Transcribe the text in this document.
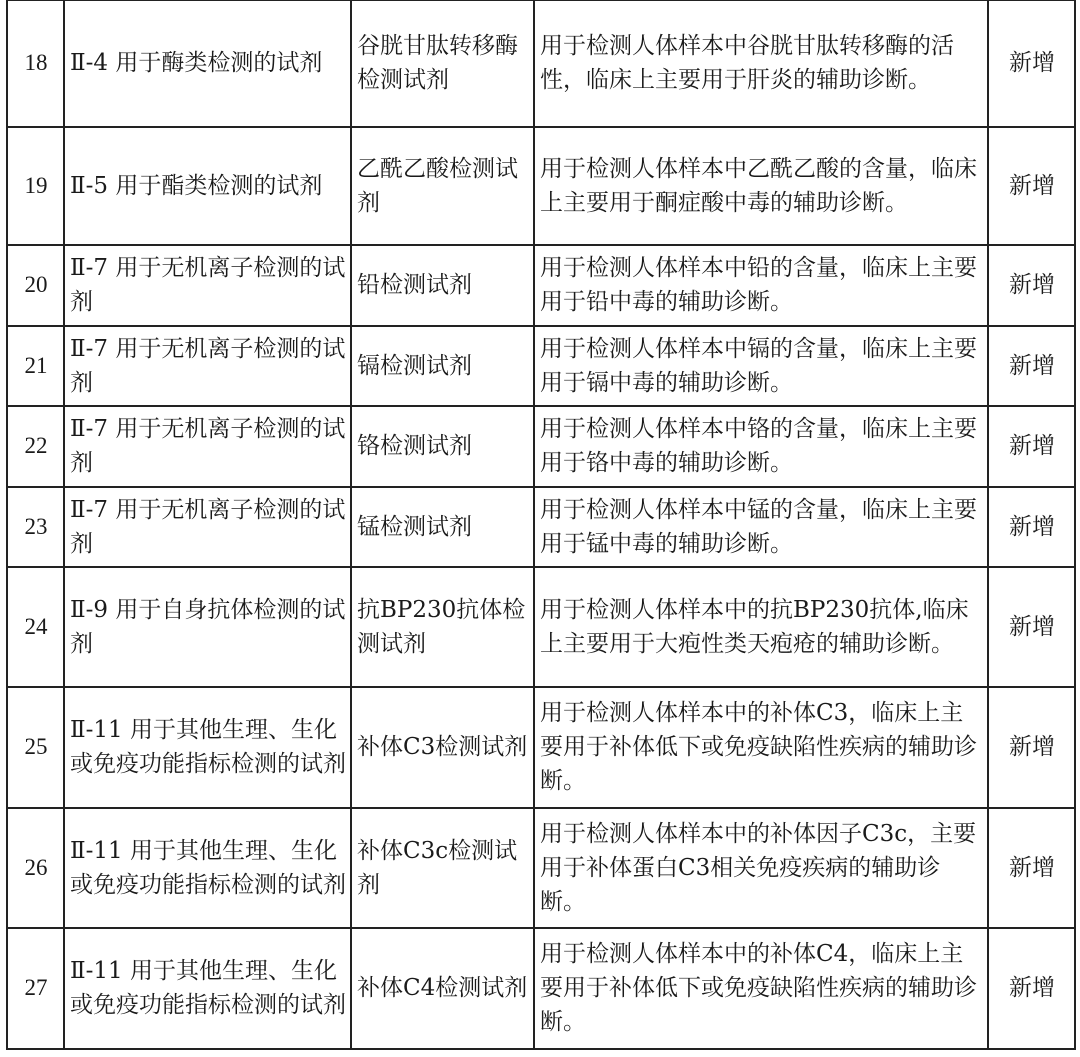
18	Ⅱ-4 用于酶类检测的试剂	谷胱甘肽转移酶检测试剂	用于检测人体样本中谷胱甘肽转移酶的活性，临床上主要用于肝炎的辅助诊断。	新增
19	Ⅱ-5 用于酯类检测的试剂	乙酰乙酸检测试剂	用于检测人体样本中乙酰乙酸的含量，临床上主要用于酮症酸中毒的辅助诊断。	新增
20	Ⅱ-7 用于无机离子检测的试剂	铅检测试剂	用于检测人体样本中铅的含量，临床上主要用于铅中毒的辅助诊断。	新增
21	Ⅱ-7 用于无机离子检测的试剂	镉检测试剂	用于检测人体样本中镉的含量，临床上主要用于镉中毒的辅助诊断。	新增
22	Ⅱ-7 用于无机离子检测的试剂	铬检测试剂	用于检测人体样本中铬的含量，临床上主要用于铬中毒的辅助诊断。	新增
23	Ⅱ-7 用于无机离子检测的试剂	锰检测试剂	用于检测人体样本中锰的含量，临床上主要用于锰中毒的辅助诊断。	新增
24	Ⅱ-9 用于自身抗体检测的试剂	抗BP230抗体检测试剂	用于检测人体样本中的抗BP230抗体,临床上主要用于大疱性类天疱疮的辅助诊断。	新增
25	Ⅱ-11 用于其他生理、生化或免疫功能指标检测的试剂	补体C3检测试剂	用于检测人体样本中的补体C3，临床上主要用于补体低下或免疫缺陷性疾病的辅助诊断。	新增
26	Ⅱ-11 用于其他生理、生化或免疫功能指标检测的试剂	补体C3c检测试剂	用于检测人体样本中的补体因子C3c，主要用于补体蛋白C3相关免疫疾病的辅助诊断。	新增
27	Ⅱ-11 用于其他生理、生化或免疫功能指标检测的试剂	补体C4检测试剂	用于检测人体样本中的补体C4，临床上主要用于补体低下或免疫缺陷性疾病的辅助诊断。	新增
